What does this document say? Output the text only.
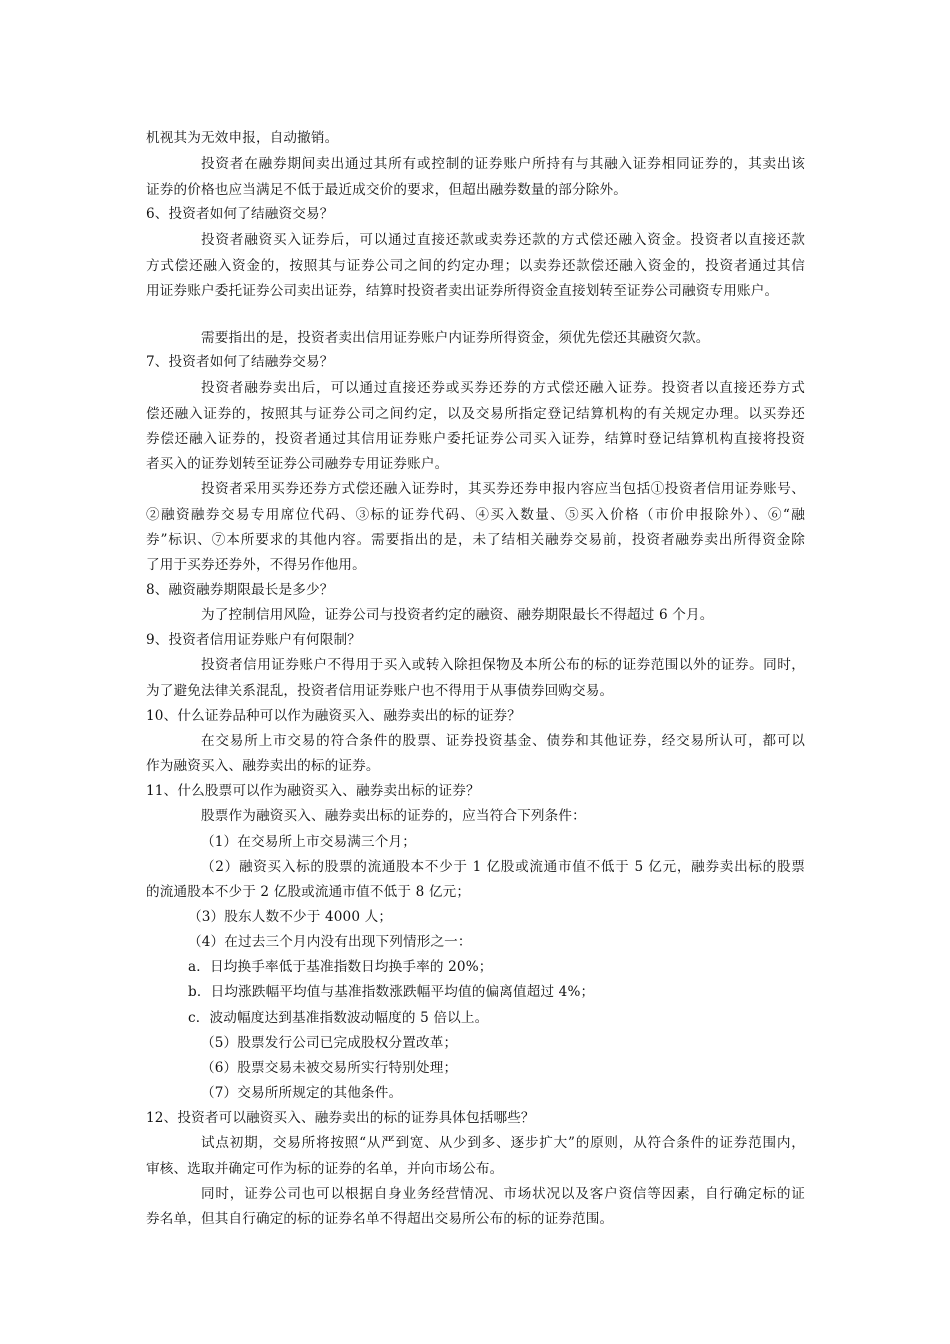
机视其为无效申报，自动撤销。
投资者在融券期间卖出通过其所有或控制的证券账户所持有与其融入证券相同证券的，其卖出该
证券的价格也应当满足不低于最近成交价的要求，但超出融券数量的部分除外。
6、投资者如何了结融资交易？
投资者融资买入证券后，可以通过直接还款或卖券还款的方式偿还融入资金。投资者以直接还款
方式偿还融入资金的，按照其与证券公司之间的约定办理；以卖券还款偿还融入资金的，投资者通过其信
用证券账户委托证券公司卖出证券，结算时投资者卖出证券所得资金直接划转至证券公司融资专用账户。
需要指出的是，投资者卖出信用证券账户内证券所得资金，须优先偿还其融资欠款。
7、投资者如何了结融券交易？
投资者融券卖出后，可以通过直接还券或买券还券的方式偿还融入证券。投资者以直接还券方式
偿还融入证券的，按照其与证券公司之间约定，以及交易所指定登记结算机构的有关规定办理。以买券还
券偿还融入证券的，投资者通过其信用证券账户委托证券公司买入证券，结算时登记结算机构直接将投资
者买入的证券划转至证券公司融券专用证券账户。
投资者采用买券还券方式偿还融入证券时，其买券还券申报内容应当包括①投资者信用证券账号、
②融资融券交易专用席位代码、③标的证券代码、④买入数量、⑤买入价格（市价申报除外）、⑥“融
券”标识、⑦本所要求的其他内容。需要指出的是，未了结相关融券交易前，投资者融券卖出所得资金除
了用于买券还券外，不得另作他用。
8、融资融券期限最长是多少？
为了控制信用风险，证券公司与投资者约定的融资、融券期限最长不得超过 6 个月。
9、投资者信用证券账户有何限制？
投资者信用证券账户不得用于买入或转入除担保物及本所公布的标的证券范围以外的证券。同时，
为了避免法律关系混乱，投资者信用证券账户也不得用于从事债券回购交易。
10、什么证券品种可以作为融资买入、融券卖出的标的证券？
在交易所上市交易的符合条件的股票、证券投资基金、债券和其他证券，经交易所认可，都可以
作为融资买入、融券卖出的标的证券。
11、什么股票可以作为融资买入、融券卖出标的证券？
股票作为融资买入、融券卖出标的证券的，应当符合下列条件：
（1）在交易所上市交易满三个月；
（2）融资买入标的股票的流通股本不少于 1 亿股或流通市值不低于 5 亿元，融券卖出标的股票
的流通股本不少于 2 亿股或流通市值不低于 8 亿元；
（3）股东人数不少于 4000 人；
（4）在过去三个月内没有出现下列情形之一：
a．日均换手率低于基准指数日均换手率的 20%；
b．日均涨跌幅平均值与基准指数涨跌幅平均值的偏离值超过 4%；
c．波动幅度达到基准指数波动幅度的 5 倍以上。
（5）股票发行公司已完成股权分置改革；
（6）股票交易未被交易所实行特别处理；
（7）交易所所规定的其他条件。
12、投资者可以融资买入、融券卖出的标的证券具体包括哪些？
试点初期，交易所将按照“从严到宽、从少到多、逐步扩大”的原则，从符合条件的证券范围内，
审核、选取并确定可作为标的证券的名单，并向市场公布。
同时，证券公司也可以根据自身业务经营情况、市场状况以及客户资信等因素，自行确定标的证
券名单，但其自行确定的标的证券名单不得超出交易所公布的标的证券范围。
